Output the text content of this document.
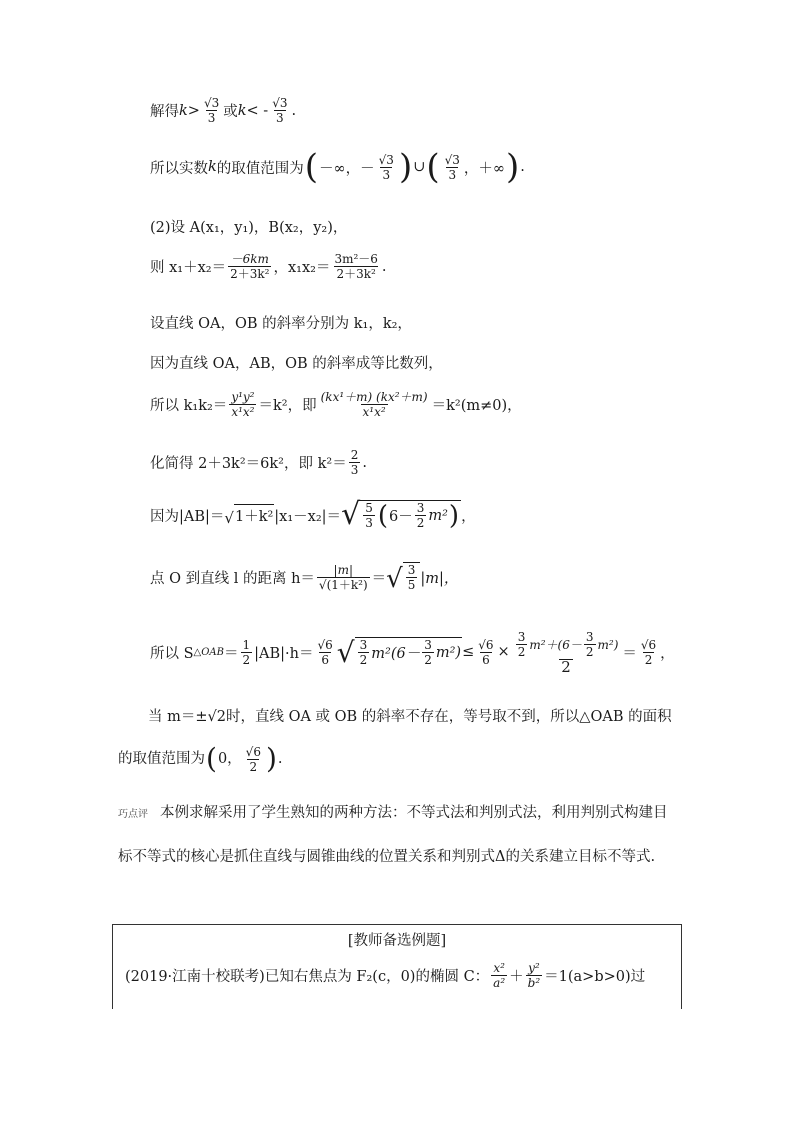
解得 $k > \frac{√3}{3}$ 或 k < - $\frac{√3}{3}$ .
所以实数 k 的取值范围为 ( －∞，－ $\frac{√3}{3}$ ) ∪ ( $\frac{√3}{3}$ ，＋∞ ) .
(2)设 A(x₁，y₁)，B(x₂，y₂)，
则 $x_1+x_2= \frac{-6km}{\text{2＋3k²}}$ ，$x_1x_2= \frac{\text{3m²－6}}{\text{2＋3k²}}$ .
设直线 OA，OB 的斜率分别为 k₁，k₂，
因为直线 OA，AB，OB 的斜率成等比数列，
所以 $k_1k_2= \frac{\text{y¹y²}}{\text{x¹x²}} =k^2$，即 $\frac{\text{(kx¹＋m) (kx²＋m)}}{\text{x¹x²}} =k^2(m\ne 0)$，
化简得 2＋3k²＝6k²，即 $k^2= \frac{2}{3}$ .
因为|AB|＝ √ 1＋k² |x₁－x₂|＝ √ $\frac{5}{3}$ ( $6- \frac{3}{2} m^2$ ) ，
点 O 到直线 l 的距离 $h= \frac{|m|}{\text{√(1＋k²)}}$ ＝ √ $\frac{3}{5} |m|$，
所以 S △OAB ＝ $\frac{1}{2} |AB|\cdot h= \frac{√6}{6}$ √ $\frac{3}{2} m^2(6- \frac{3}{2} m^2) \le \frac{√6}{6} \times \frac{\frac{3}{2} m^2+(6- \frac{3}{2} m^2)}{2} = \frac{√6}{2}$ ，
当 m＝±√2时，直线 OA 或 OB 的斜率不存在，等号取不到，所以△OAB 的面积的取值范围为(0， $\frac{√6}{2}$ ).
巧点评 本例求解采用了学生熟知的两种方法：不等式法和判别式法，利用判别式构建目标不等式的核心是抓住直线与圆锥曲线的位置关系和判别式Δ的关系建立目标不等式.
[教师备选例题]
(2019·江南十校联考)已知右焦点为 F₂(c，0)的椭圆 C： $\frac{\text{x²}}{\text{a²}} + \frac{\text{y²}}{\text{b²}} =1(a>b>0)$过
